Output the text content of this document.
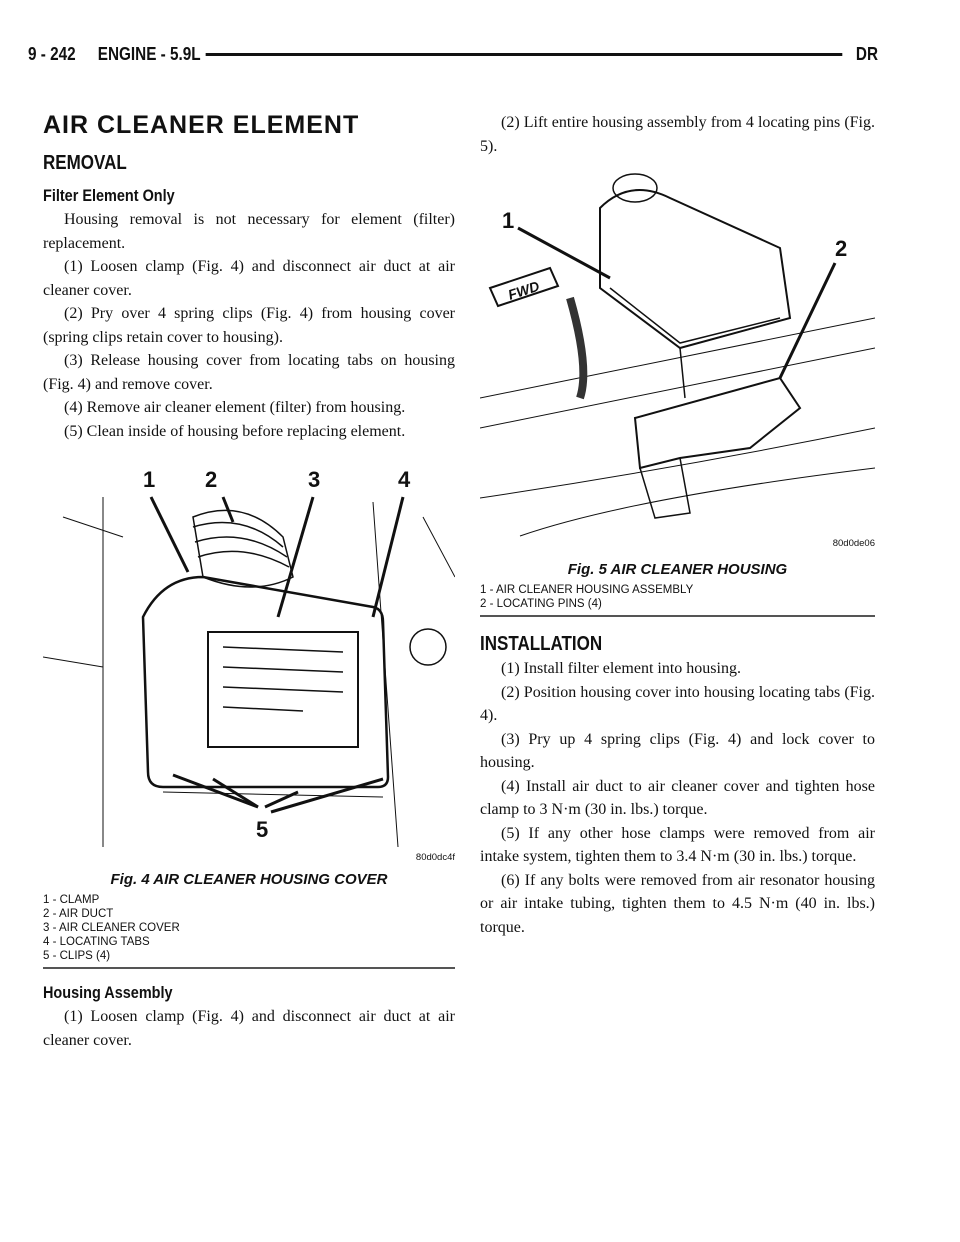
9 - 242 ENGINE - 5.9L	DR
AIR CLEANER ELEMENT
REMOVAL
Filter Element Only

Housing removal is not necessary for element (filter) replacement.

(1) Loosen clamp (Fig. 4) and disconnect air duct at air cleaner cover.

(2) Pry over 4 spring clips (Fig. 4) from housing cover (spring clips retain cover to housing).

(3) Release housing cover from locating tabs on housing (Fig. 4) and remove cover.

(4) Remove air cleaner element (filter) from housing.

(5) Clean inside of housing before replacing element.

1 2	3	4
5
80d0dc4f
Fig. 4 AIR CLEANER HOUSING COVER
1 - CLAMP
2 - AIR DUCT
3 - AIR CLEANER COVER
4 - LOCATING TABS
5 - CLIPS (4)
Housing Assembly

(1) Loosen clamp (Fig. 4) and disconnect air duct at air cleaner cover.

(2) Lift entire housing assembly from 4 locating pins (Fig. 5).

FWD
1
2
80d0de06
Fig. 5 AIR CLEANER HOUSING
1 - AIR CLEANER HOUSING ASSEMBLY
2 - LOCATING PINS (4)
INSTALLATION

(1) Install filter element into housing.

(2) Position housing cover into housing locating tabs (Fig. 4).

(3) Pry up 4 spring clips (Fig. 4) and lock cover to housing.

(4) Install air duct to air cleaner cover and tighten hose clamp to 3 N·m (30 in. lbs.) torque.

(5) If any other hose clamps were removed from air intake system, tighten them to 3.4 N·m (30 in. lbs.) torque.

(6) If any bolts were removed from air resonator housing or air intake tubing, tighten them to 4.5 N·m (40 in. lbs.) torque.
